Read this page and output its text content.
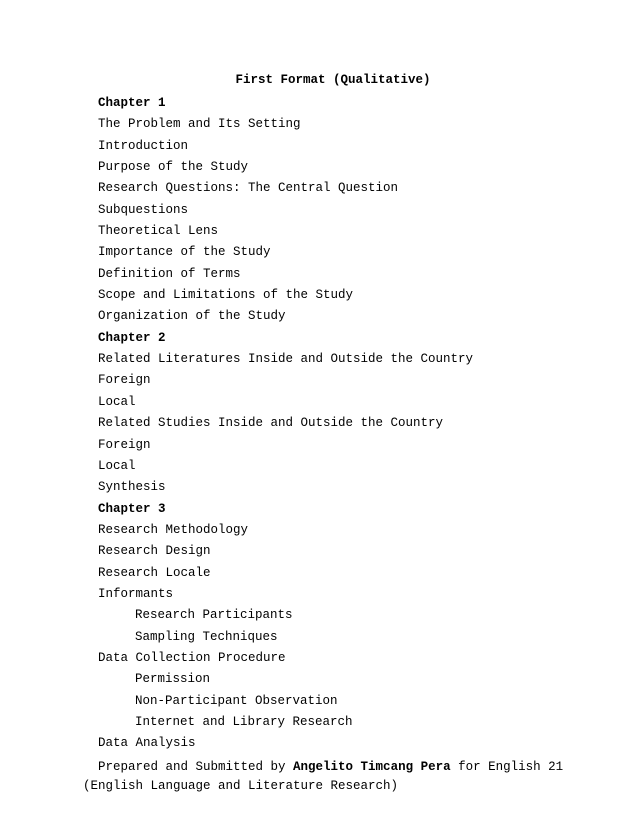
First Format (Qualitative)
Chapter 1
The Problem and Its Setting
Introduction
Purpose of the Study
Research Questions: The Central Question
Subquestions
Theoretical Lens
Importance of the Study
Definition of Terms
Scope and Limitations of the Study
Organization of the Study
Chapter 2
Related Literatures Inside and Outside the Country
Foreign
Local
Related Studies Inside and Outside the Country
Foreign
Local
Synthesis
Chapter 3
Research Methodology
Research Design
Research Locale
Informants
Research Participants
Sampling Techniques
Data Collection Procedure
Permission
Non-Participant Observation
Internet and Library Research
Data Analysis
Prepared and Submitted by Angelito Timcang Pera for English 21
(English Language and Literature Research)
